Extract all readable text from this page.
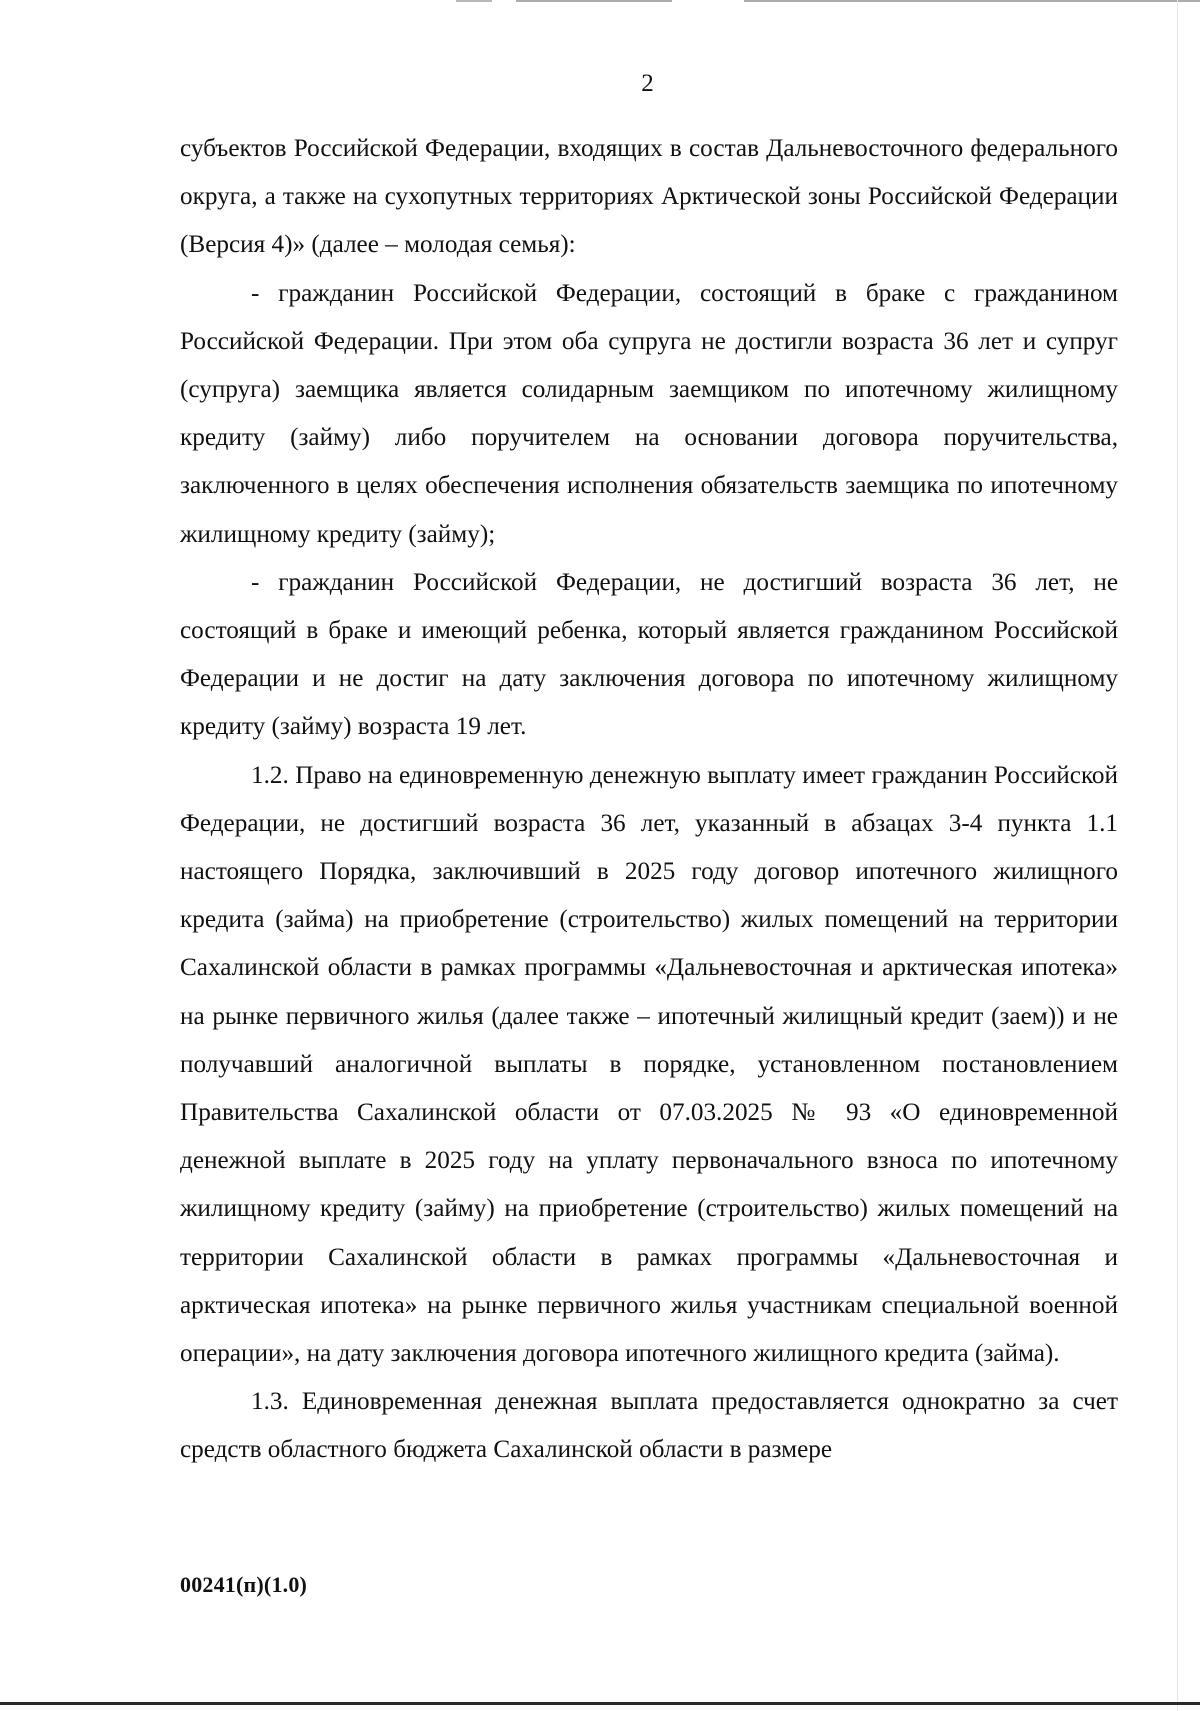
2

субъектов Российской Федерации, входящих в состав Дальневосточного федерального округа, а также на сухопутных территориях Арктической зоны Российской Федерации (Версия 4)» (далее – молодая семья):

- гражданин Российской Федерации, состоящий в браке с гражданином Российской Федерации. При этом оба супруга не достигли возраста 36 лет и супруг (супруга) заемщика является солидарным заемщиком по ипотечному жилищному кредиту (займу) либо поручителем на основании договора поручительства, заключенного в целях обеспечения исполнения обязательств заемщика по ипотечному жилищному кредиту (займу);

- гражданин Российской Федерации, не достигший возраста 36 лет, не состоящий в браке и имеющий ребенка, который является гражданином Российской Федерации и не достиг на дату заключения договора по ипотечному жилищному кредиту (займу) возраста 19 лет.

1.2. Право на единовременную денежную выплату имеет гражданин Российской Федерации, не достигший возраста 36 лет, указанный в абзацах 3-4 пункта 1.1 настоящего Порядка, заключивший в 2025 году договор ипотечного жилищного кредита (займа) на приобретение (строительство) жилых помещений на территории Сахалинской области в рамках программы «Дальневосточная и арктическая ипотека» на рынке первичного жилья (далее также – ипотечный жилищный кредит (заем)) и не получавший аналогичной выплаты в порядке, установленном постановлением Правительства Сахалинской области от 07.03.2025 № 93 «О единовременной денежной выплате в 2025 году на уплату первоначального взноса по ипотечному жилищному кредиту (займу) на приобретение (строительство) жилых помещений на территории Сахалинской области в рамках программы «Дальневосточная и арктическая ипотека» на рынке первичного жилья участникам специальной военной операции», на дату заключения договора ипотечного жилищного кредита (займа).

1.3. Единовременная денежная выплата предоставляется однократно за счет средств областного бюджета Сахалинской области в размере

00241(п)(1.0)
